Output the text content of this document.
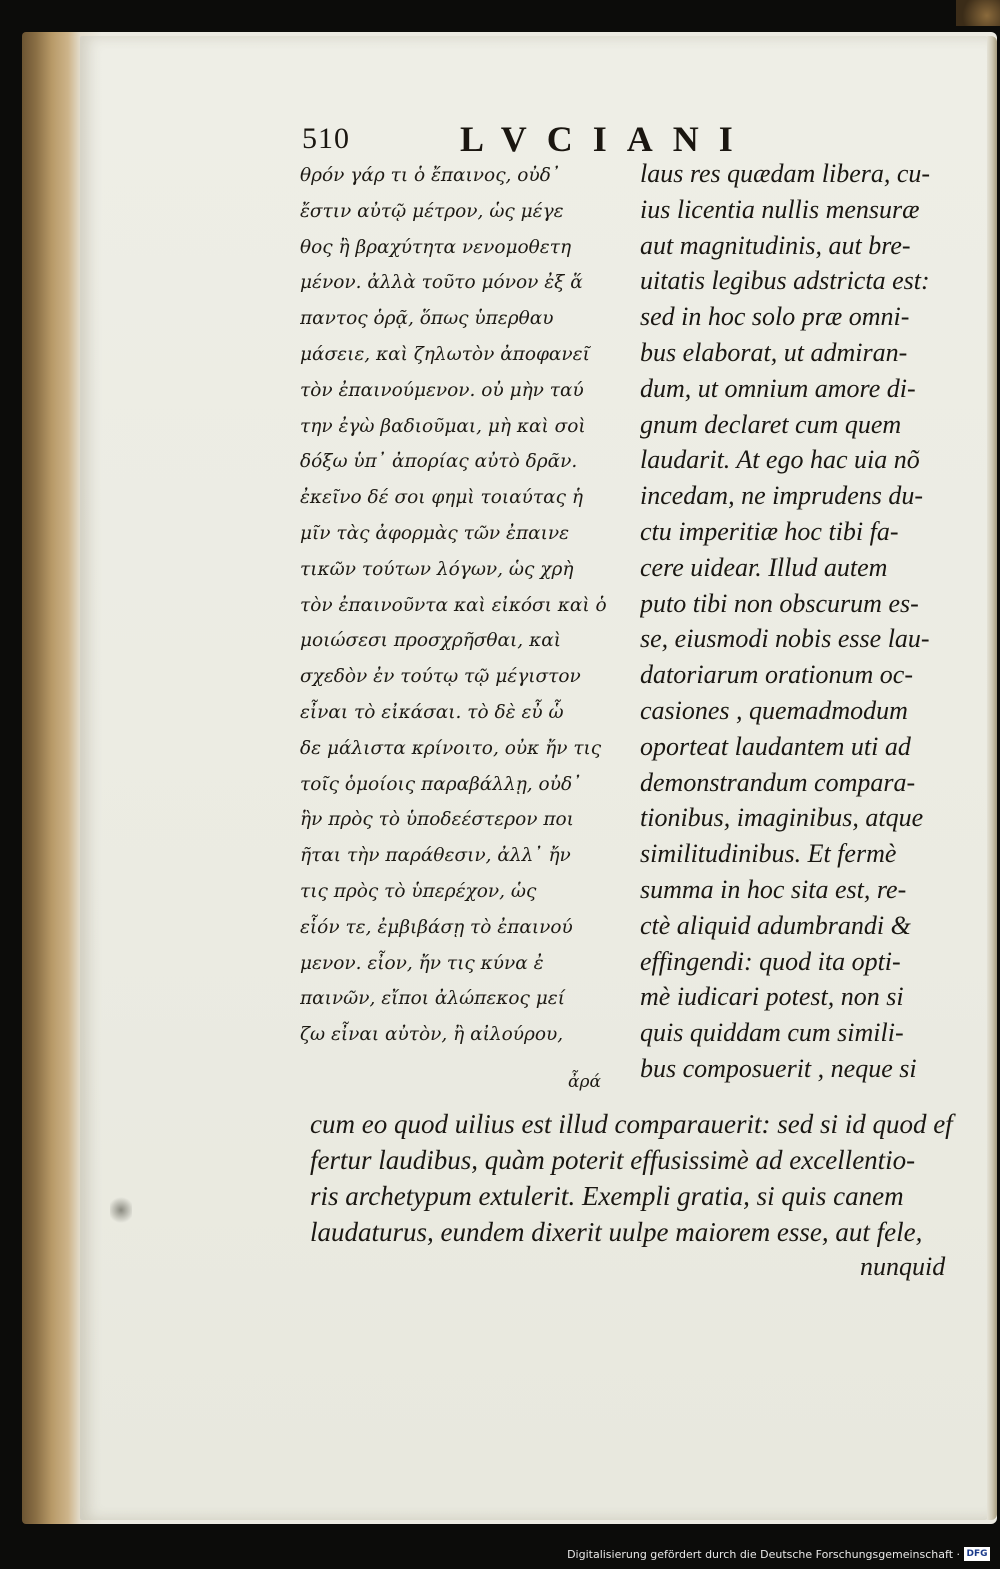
510	LVCIANI
θρόν γάρ τι ὁ ἔπαινος, οὐδ᾽
ἔστιν αὐτῷ μέτρον, ὡς μέγε
θος ἢ βραχύτητα νενομοθετη
μένον. ἀλλὰ τοῦτο μόνον ἐξ ἅ
παντος ὁρᾷ, ὅπως ὑπερθαυ
μάσειε, καὶ ζηλωτὸν ἀποφανεῖ
τὸν ἐπαινούμενον. οὐ μὴν ταύ
την ἐγὼ βαδιοῦμαι, μὴ καὶ σοὶ
δόξω ὑπ᾽ ἀπορίας αὐτὸ δρᾶν.
ἐκεῖνο δέ σοι φημὶ τοιαύτας ἡ
μῖν τὰς ἀφορμὰς τῶν ἐπαινε
τικῶν τούτων λόγων, ὡς χρὴ
τὸν ἐπαινοῦντα καὶ εἰκόσι καὶ ὁ
μοιώσεσι προσχρῆσθαι, καὶ
σχεδὸν ἐν τούτῳ τῷ μέγιστον
εἶναι τὸ εἰκάσαι. τὸ δὲ εὖ ὧ
δε μάλιστα κρίνοιτο, οὐκ ἤν τις
τοῖς ὁμοίοις παραβάλλῃ, οὐδ᾽
ἣν πρὸς τὸ ὑποδεέστερον ποι
ῆται τὴν παράθεσιν, ἀλλ᾽ ἤν
τις πρὸς τὸ ὑπερέχον, ὡς
εἷόν τε, ἐμβιβάσῃ τὸ ἐπαινού
μενον. εἶον, ἤν τις κύνα ἐ
παινῶν, εἴποι ἀλώπεκος μεί
ζω εἶναι αὐτὸν, ἢ αἰλούρου,
ἆρά
laus res quædam libera, cu-
ius licentia nullis mensuræ
aut magnitudinis, aut bre-
uitatis legibus adstricta est:
sed in hoc solo præ omni-
bus elaborat, ut admiran-
dum, ut omnium amore di-
gnum declaret cum quem
laudarit. At ego hac uia nõ
incedam, ne imprudens du-
ctu imperitiæ hoc tibi fa-
cere uidear. Illud autem
puto tibi non obscurum es-
se, eiusmodi nobis esse lau-
datoriarum orationum oc-
casiones , quemadmodum
oporteat laudantem uti ad
demonstrandum compara-
tionibus, imaginibus, atque
similitudinibus. Et fermè
summa in hoc sita est, re-
ctè aliquid adumbrandi &
effingendi: quod ita opti-
mè iudicari potest, non si
quis quiddam cum simili-
bus composuerit , neque si
cum eo quod uilius est illud comparauerit: sed si id quod ef
fertur laudibus, quàm poterit effusissimè ad excellentio-
ris archetypum extulerit. Exempli gratia, si quis canem
laudaturus, eundem dixerit uulpe maiorem esse, aut fele,
nunquid
Digitalisierung gefördert durch die Deutsche Forschungsgemeinschaft · DFG
